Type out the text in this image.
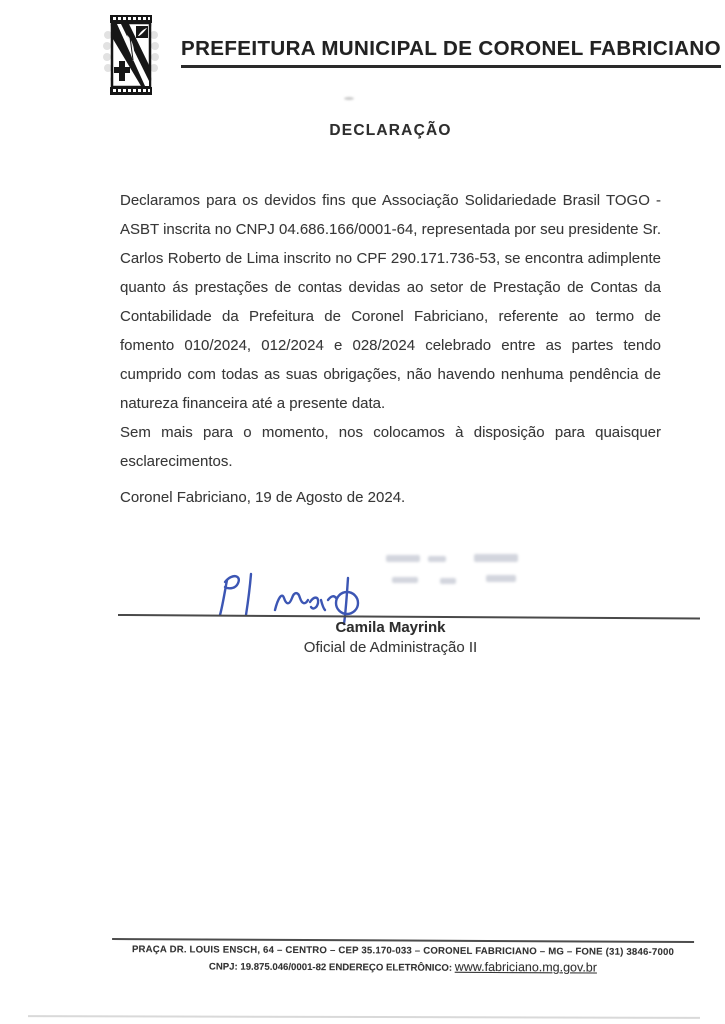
PREFEITURA MUNICIPAL DE CORONEL FABRICIANO
DECLARAÇÃO

Declaramos para os devidos fins que Associação Solidariedade Brasil TOGO - ASBT inscrita no CNPJ 04.686.166/0001-64, representada por seu presidente Sr. Carlos Roberto de Lima inscrito no CPF 290.171.736-53, se encontra adimplente quanto ás prestações de contas devidas ao setor de Prestação de Contas da Contabilidade da Prefeitura de Coronel Fabriciano, referente ao termo de fomento 010/2024, 012/2024 e 028/2024 celebrado entre as partes tendo cumprido com todas as suas obrigações, não havendo nenhuma pendência de natureza financeira até a presente data.

Sem mais para o momento, nos colocamos à disposição para quaisquer esclarecimentos.

Coronel Fabriciano, 19 de Agosto de 2024.
Camila Mayrink
Oficial de Administração II
PRAÇA DR. LOUIS ENSCH, 64 – CENTRO – CEP 35.170-033 – CORONEL FABRICIANO – MG – FONE (31) 3846-7000
CNPJ: 19.875.046/0001-82 ENDEREÇO ELETRÔNICO: www.fabriciano.mg.gov.br
